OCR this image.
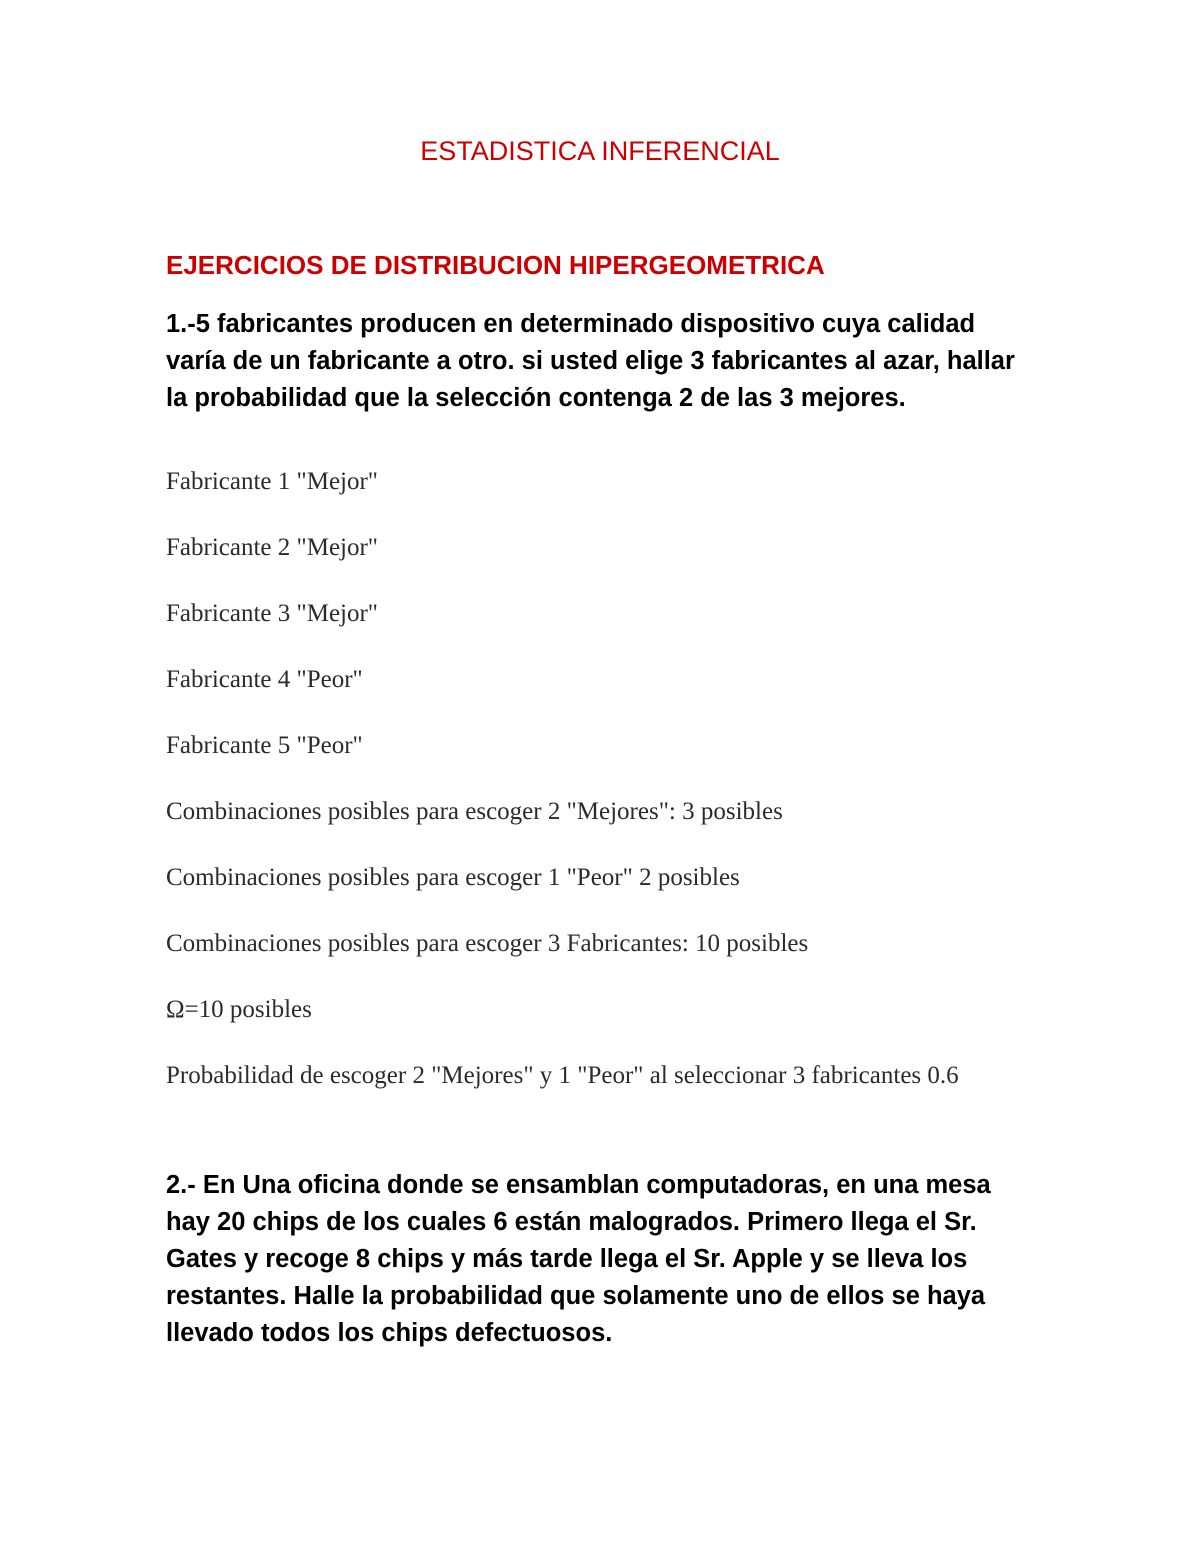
ESTADISTICA INFERENCIAL
EJERCICIOS DE DISTRIBUCION HIPERGEOMETRICA

1.-5 fabricantes producen en determinado dispositivo cuya calidad varía de un fabricante a otro. si usted elige 3 fabricantes al azar, hallar la probabilidad que la selección contenga 2 de las 3 mejores.

Fabricante 1 "Mejor"

Fabricante 2 "Mejor"

Fabricante 3 "Mejor"

Fabricante 4 "Peor"

Fabricante 5 "Peor"

Combinaciones posibles para escoger 2 "Mejores": 3 posibles

Combinaciones posibles para escoger 1 "Peor" 2 posibles

Combinaciones posibles para escoger 3 Fabricantes: 10 posibles

Ω=10 posibles

Probabilidad de escoger 2 "Mejores" y 1 "Peor" al seleccionar 3 fabricantes 0.6

2.- En Una oficina donde se ensamblan computadoras, en una mesa hay 20 chips de los cuales 6 están malogrados. Primero llega el Sr. Gates y recoge 8 chips y más tarde llega el Sr. Apple y se lleva los restantes. Halle la probabilidad que solamente uno de ellos se haya llevado todos los chips defectuosos.
